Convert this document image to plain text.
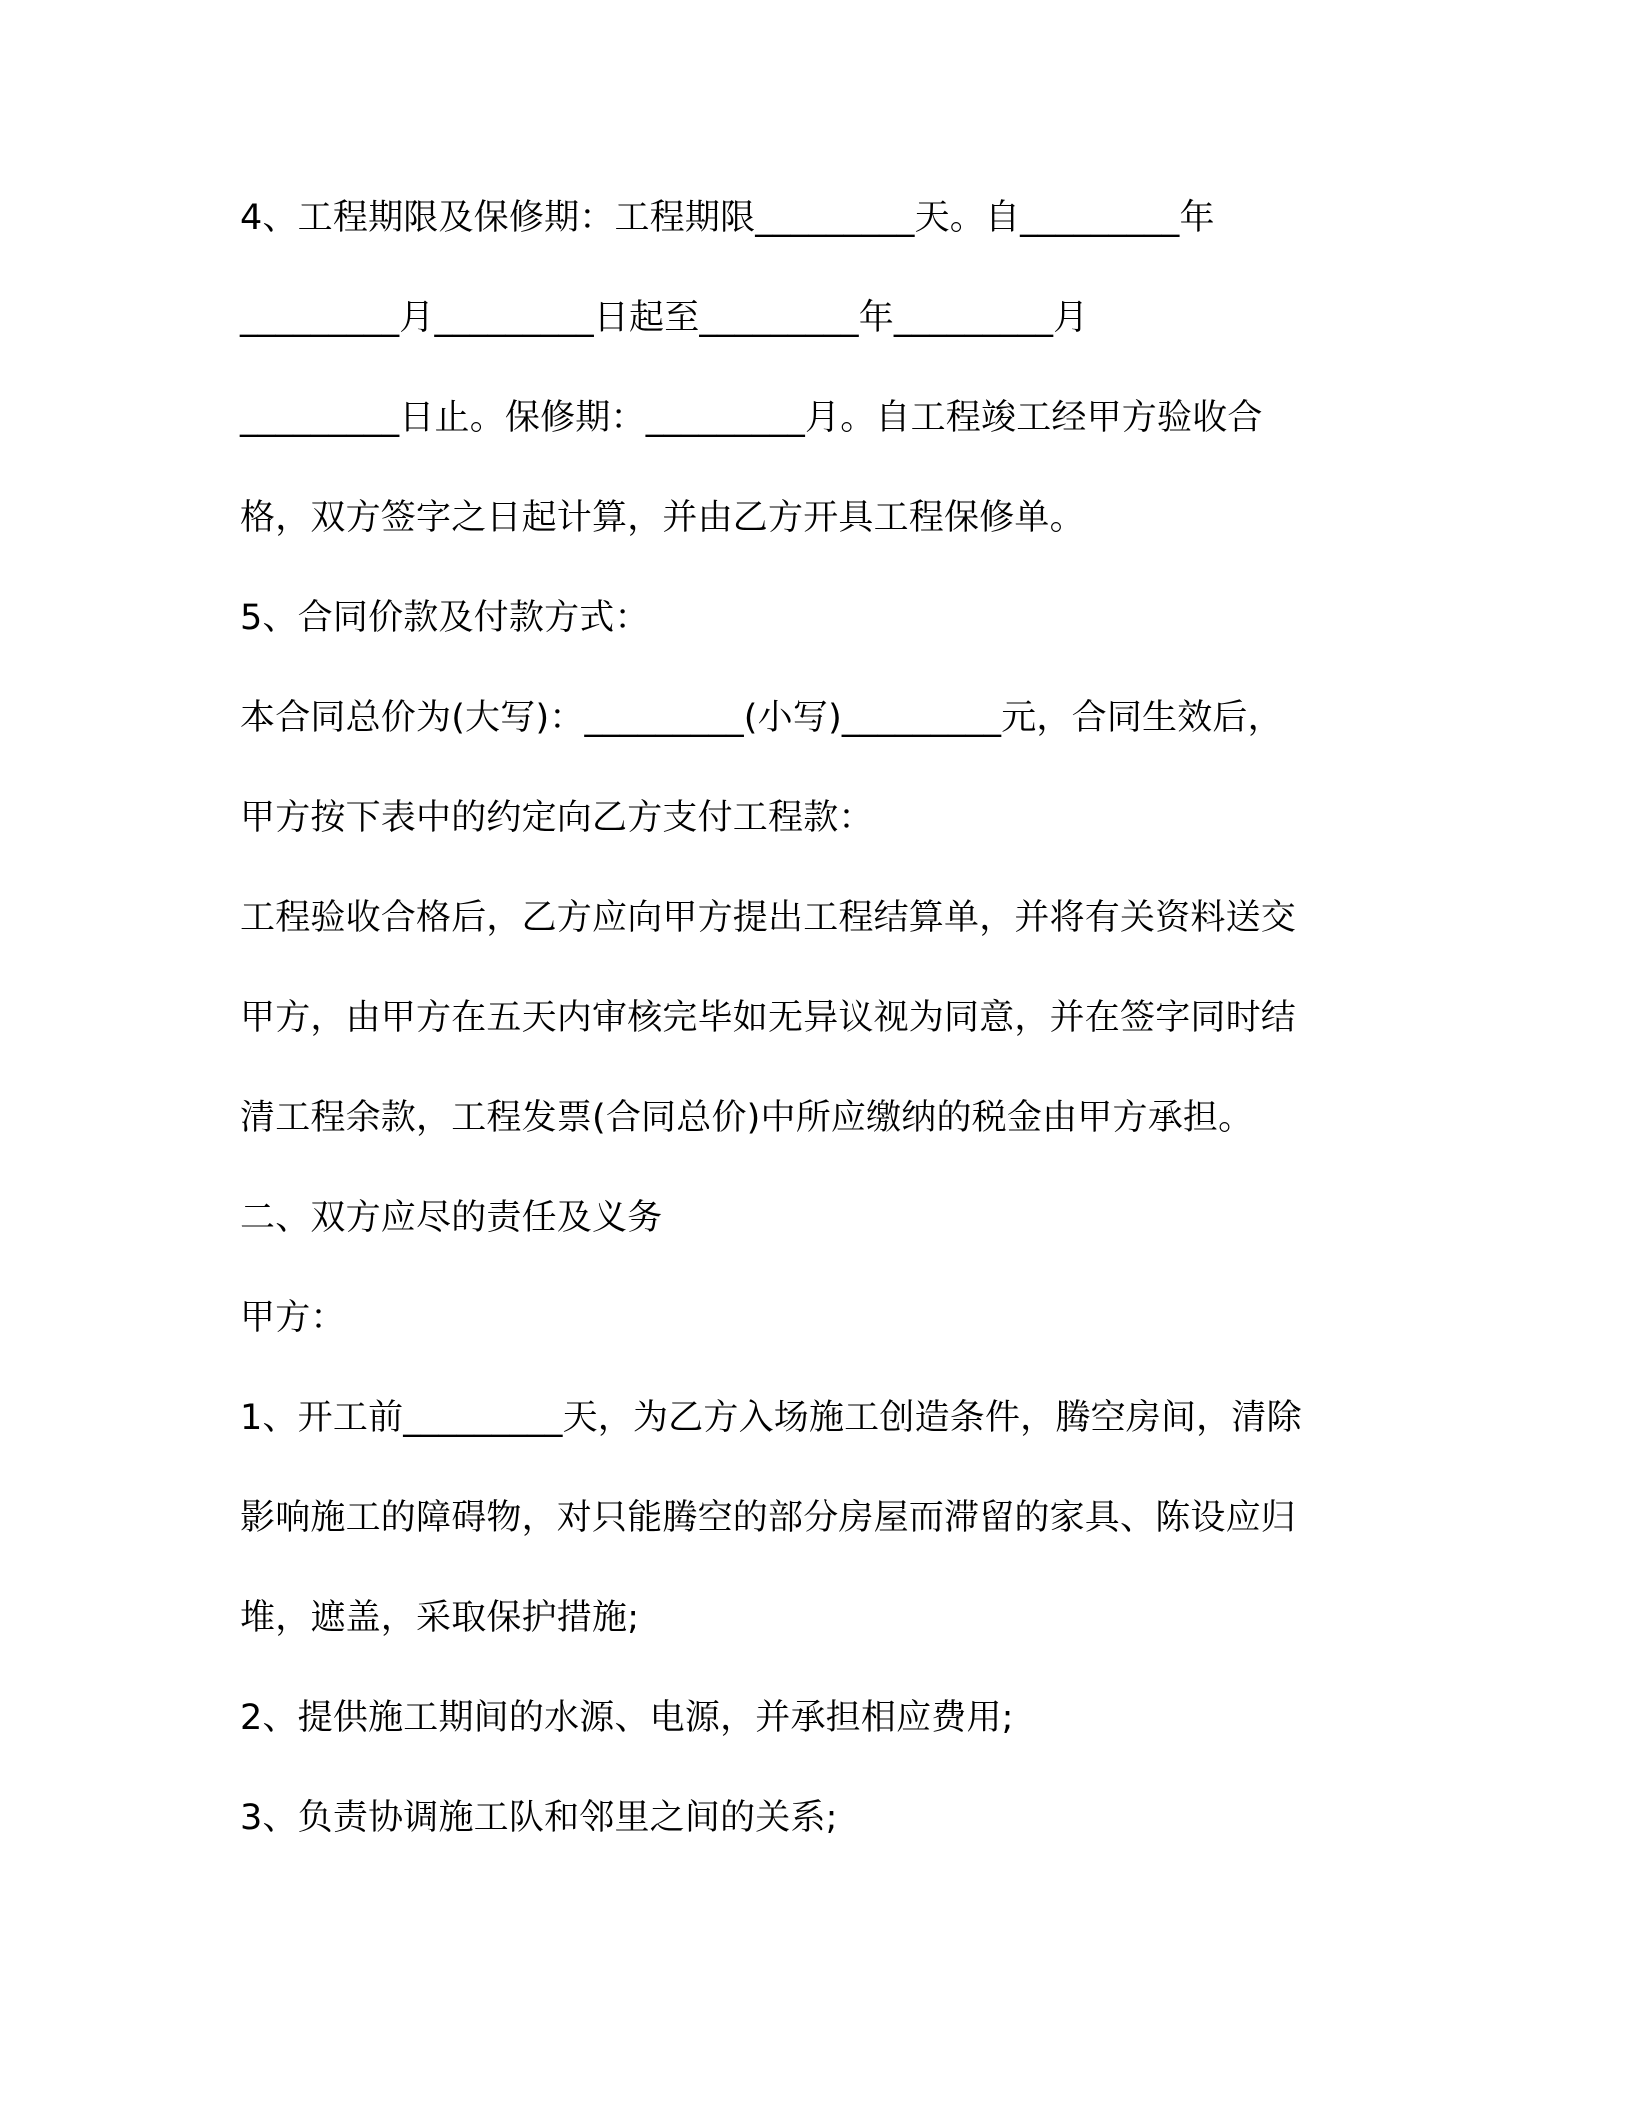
4、工程期限及保修期：工程期限_________天。自_________年
_________月_________日起至_________年_________月
_________日止。保修期：_________月。自工程竣工经甲方验收合
格，双方签字之日起计算，并由乙方开具工程保修单。
5、合同价款及付款方式：
本合同总价为(大写)：_________(小写)_________元，合同生效后，
甲方按下表中的约定向乙方支付工程款：
工程验收合格后，乙方应向甲方提出工程结算单，并将有关资料送交
甲方，由甲方在五天内审核完毕如无异议视为同意，并在签字同时结
清工程余款，工程发票(合同总价)中所应缴纳的税金由甲方承担。
二、双方应尽的责任及义务
甲方：
1、开工前_________天，为乙方入场施工创造条件，腾空房间，清除
影响施工的障碍物，对只能腾空的部分房屋而滞留的家具、陈设应归
堆，遮盖，采取保护措施;
2、提供施工期间的水源、电源，并承担相应费用;
3、负责协调施工队和邻里之间的关系;
